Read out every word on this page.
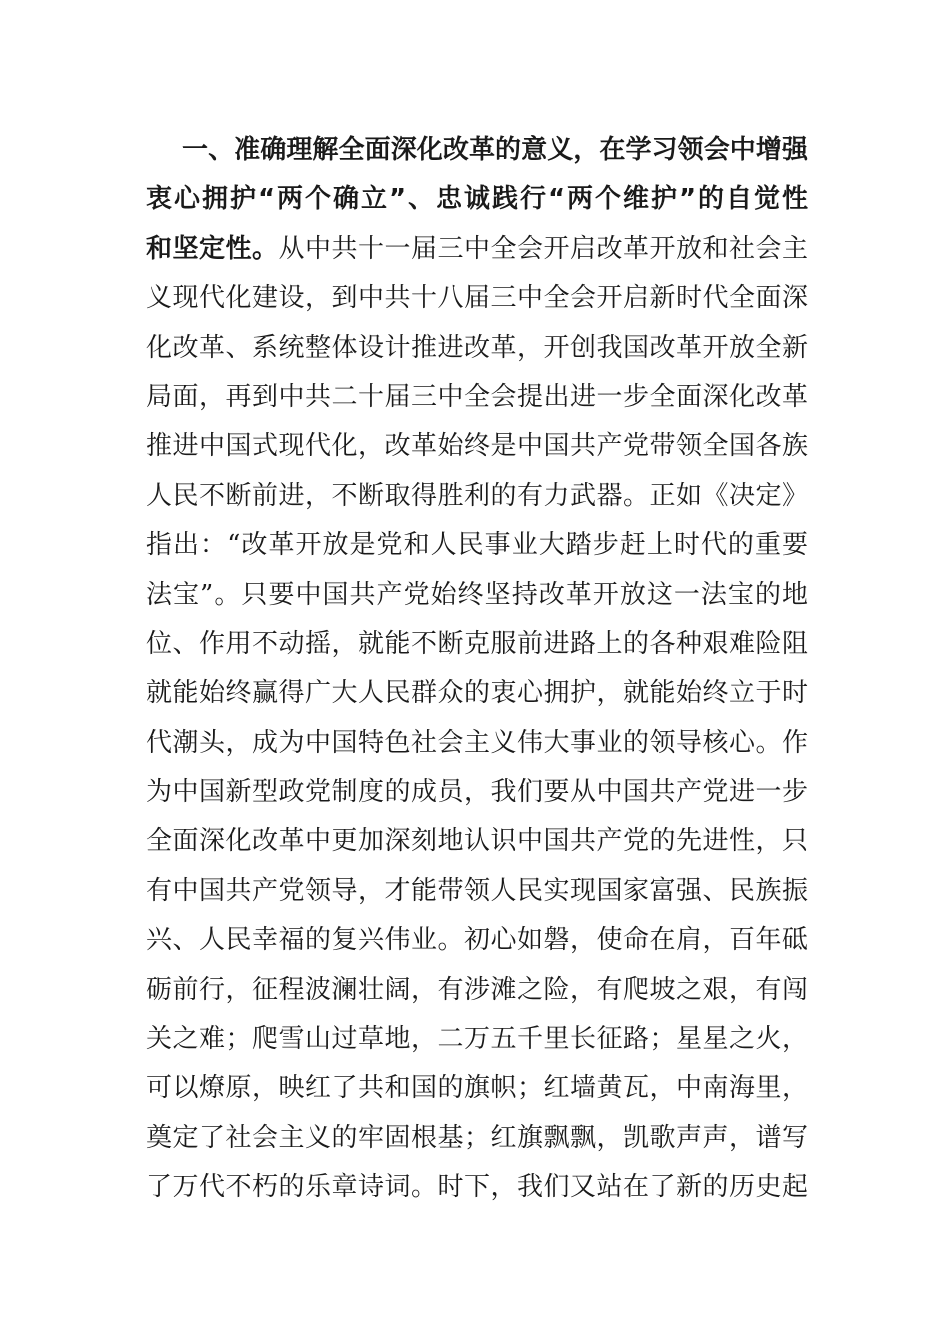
一、准确理解全面深化改革的意义，在学习领会中增强
衷心拥护“两个确立”、忠诚践行“两个维护”的自觉性
和坚定性。从中共十一届三中全会开启改革开放和社会主
义现代化建设，到中共十八届三中全会开启新时代全面深
化改革、系统整体设计推进改革，开创我国改革开放全新
局面，再到中共二十届三中全会提出进一步全面深化改革
推进中国式现代化，改革始终是中国共产党带领全国各族
人民不断前进，不断取得胜利的有力武器。正如《决定》
指出：“改革开放是党和人民事业大踏步赶上时代的重要
法宝”。只要中国共产党始终坚持改革开放这一法宝的地
位、作用不动摇，就能不断克服前进路上的各种艰难险阻
就能始终赢得广大人民群众的衷心拥护，就能始终立于时
代潮头，成为中国特色社会主义伟大事业的领导核心。作
为中国新型政党制度的成员，我们要从中国共产党进一步
全面深化改革中更加深刻地认识中国共产党的先进性，只
有中国共产党领导，才能带领人民实现国家富强、民族振
兴、人民幸福的复兴伟业。初心如磐，使命在肩，百年砥
砺前行，征程波澜壮阔，有涉滩之险，有爬坡之艰，有闯
关之难；爬雪山过草地，二万五千里长征路；星星之火，
可以燎原，映红了共和国的旗帜；红墙黄瓦，中南海里，
奠定了社会主义的牢固根基；红旗飘飘，凯歌声声，谱写
了万代不朽的乐章诗词。时下，我们又站在了新的历史起
